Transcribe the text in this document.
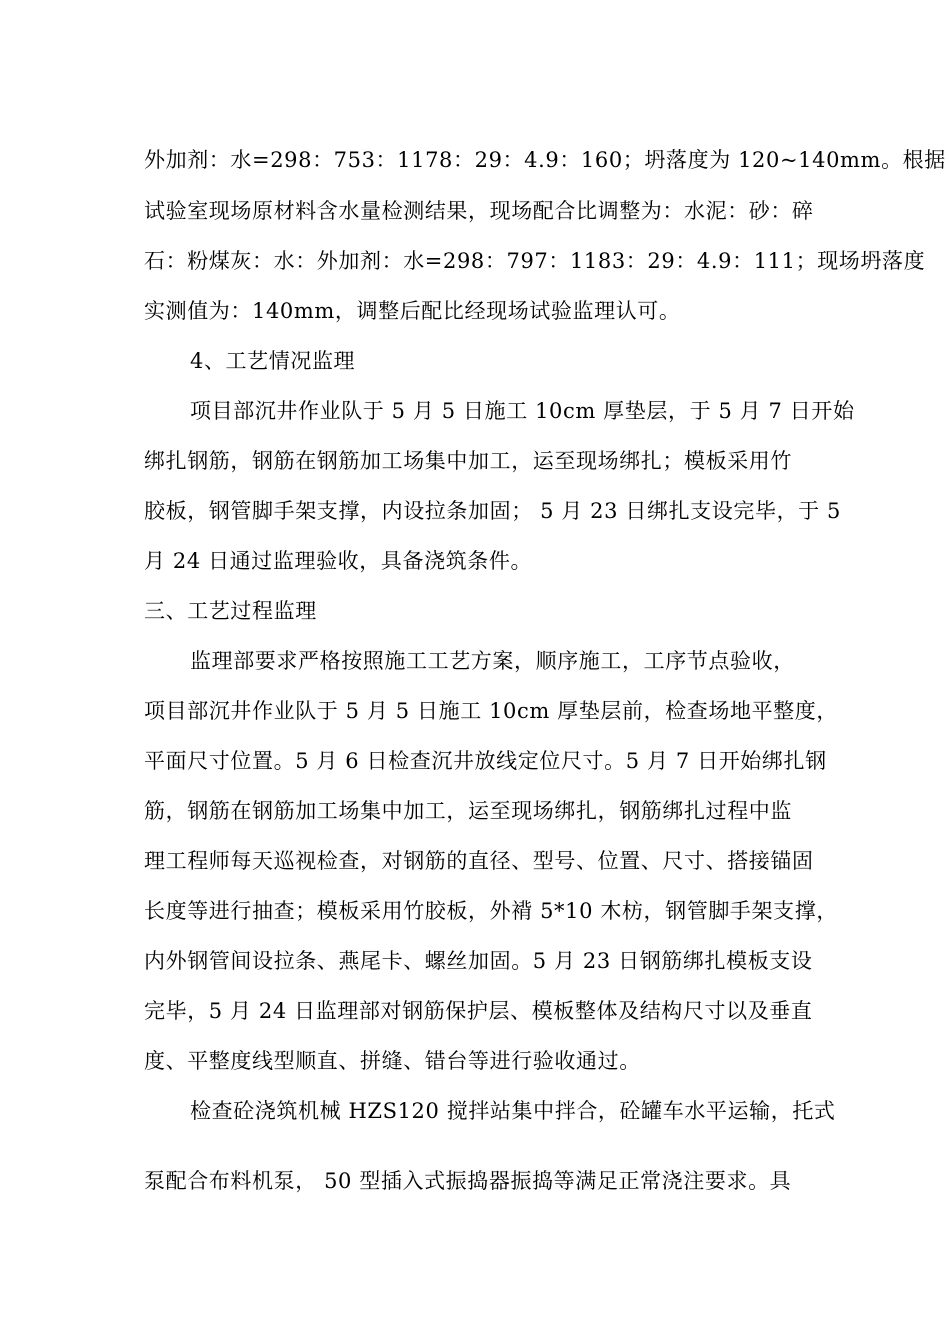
外加剂：水=298：753：1178：29：4.9：160；坍落度为 120~140mm。根据
试验室现场原材料含水量检测结果，现场配合比调整为：水泥：砂：碎
石：粉煤灰：水：外加剂：水=298：797：1183：29：4.9：111；现场坍落度
实测值为：140mm，调整后配比经现场试验监理认可。
4、工艺情况监理
项目部沉井作业队于 5 月 5 日施工 10cm 厚垫层，于 5 月 7 日开始
绑扎钢筋，钢筋在钢筋加工场集中加工，运至现场绑扎；模板采用竹
胶板，钢管脚手架支撑，内设拉条加固； 5 月 23 日绑扎支设完毕，于 5
月 24 日通过监理验收，具备浇筑条件。
三、工艺过程监理
监理部要求严格按照施工工艺方案，顺序施工，工序节点验收，
项目部沉井作业队于 5 月 5 日施工 10cm 厚垫层前，检查场地平整度，
平面尺寸位置。5 月 6 日检查沉井放线定位尺寸。5 月 7 日开始绑扎钢
筋，钢筋在钢筋加工场集中加工，运至现场绑扎，钢筋绑扎过程中监
理工程师每天巡视检查，对钢筋的直径、型号、位置、尺寸、搭接锚固
长度等进行抽查；模板采用竹胶板，外褙 5*10 木枋，钢管脚手架支撑，
内外钢管间设拉条、燕尾卡、螺丝加固。5 月 23 日钢筋绑扎模板支设
完毕，5 月 24 日监理部对钢筋保护层、模板整体及结构尺寸以及垂直
度、平整度线型顺直、拼缝、错台等进行验收通过。
检查砼浇筑机械 HZS120 搅拌站集中拌合，砼罐车水平运输，托式
泵配合布料机泵， 50 型插入式振捣器振捣等满足正常浇注要求。具
